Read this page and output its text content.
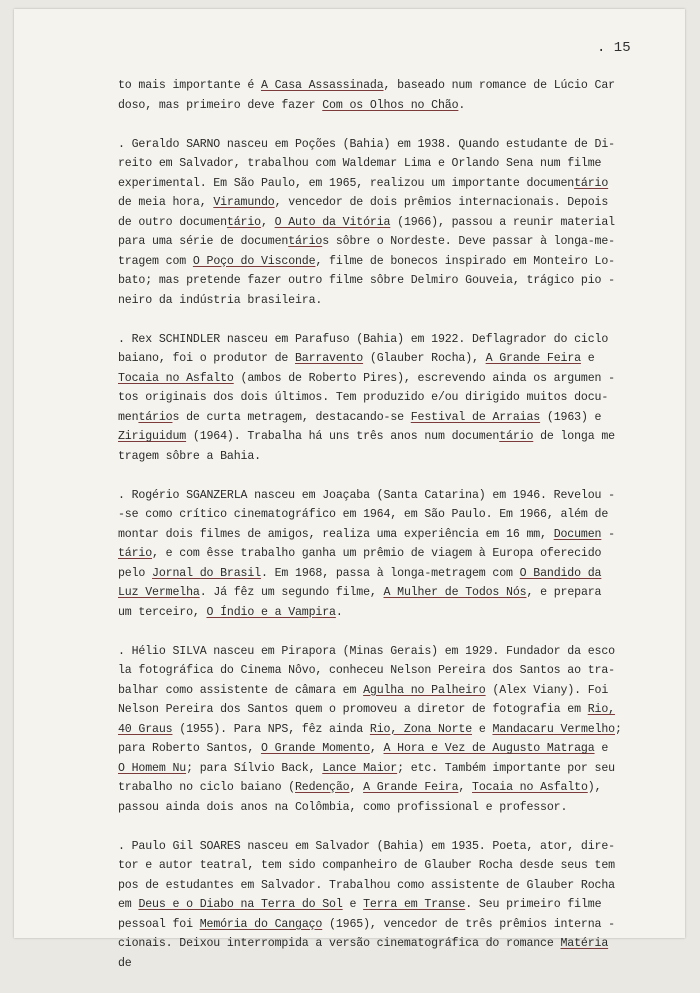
. 15
to mais importante é A Casa Assassinada, baseado num romance de Lúcio Car
doso, mas primeiro deve fazer Com os Olhos no Chão.
. Geraldo SARNO nasceu em Poções (Bahia) em 1938. Quando estudante de Di-
reito em Salvador, trabalhou com Waldemar Lima e Orlando Sena num filme
experimental. Em São Paulo, em 1965, realizou um importante documentário
de meia hora, Viramundo, vencedor de dois prêmios internacionais. Depois
de outro documentário, O Auto da Vitória (1966), passou a reunir material
para uma série de documentários sôbre o Nordeste. Deve passar à longa-me-
tragem com O Poço do Visconde, filme de bonecos inspirado em Monteiro Lo-
bato; mas pretende fazer outro filme sôbre Delmiro Gouveia, trágico pio -
neiro da indústria brasileira.
. Rex SCHINDLER nasceu em Parafuso (Bahia) em 1922. Deflagrador do ciclo
baiano, foi o produtor de Barravento (Glauber Rocha), A Grande Feira e
Tocaia no Asfalto (ambos de Roberto Pires), escrevendo ainda os argumen -
tos originais dos dois últimos. Tem produzido e/ou dirigido muitos docu-
mentários de curta metragem, destacando-se Festival de Arraias (1963) e
Ziriguidum (1964). Trabalha há uns três anos num documentário de longa me
tragem sôbre a Bahia.
. Rogério SGANZERLA nasceu em Joaçaba (Santa Catarina) em 1946. Revelou -
-se como crítico cinematográfico em 1964, em São Paulo. Em 1966, além de
montar dois filmes de amigos, realiza uma experiência em 16 mm, Documen -
tário, e com êsse trabalho ganha um prêmio de viagem à Europa oferecido
pelo Jornal do Brasil. Em 1968, passa à longa-metragem com O Bandido da
Luz Vermelha. Já fêz um segundo filme, A Mulher de Todos Nós, e prepara
um terceiro, O Índio e a Vampira.
. Hélio SILVA nasceu em Pirapora (Minas Gerais) em 1929. Fundador da esco
la fotográfica do Cinema Nôvo, conheceu Nelson Pereira dos Santos ao tra-
balhar como assistente de câmara em Agulha no Palheiro (Alex Viany). Foi
Nelson Pereira dos Santos quem o promoveu a diretor de fotografia em Rio,
40 Graus (1955). Para NPS, fêz ainda Rio, Zona Norte e Mandacaru Vermelho;
para Roberto Santos, O Grande Momento, A Hora e Vez de Augusto Matraga e
O Homem Nu; para Sílvio Back, Lance Maior; etc. Também importante por seu
trabalho no ciclo baiano (Redenção, A Grande Feira, Tocaia no Asfalto),
passou ainda dois anos na Colômbia, como profissional e professor.
. Paulo Gil SOARES nasceu em Salvador (Bahia) em 1935. Poeta, ator, dire-
tor e autor teatral, tem sido companheiro de Glauber Rocha desde seus tem
pos de estudantes em Salvador. Trabalhou como assistente de Glauber Rocha
em Deus e o Diabo na Terra do Sol e Terra em Transe. Seu primeiro filme
pessoal foi Memória do Cangaço (1965), vencedor de três prêmios interna -
cionais. Deixou interrompida a versão cinematográfica do romance Matéria
de
